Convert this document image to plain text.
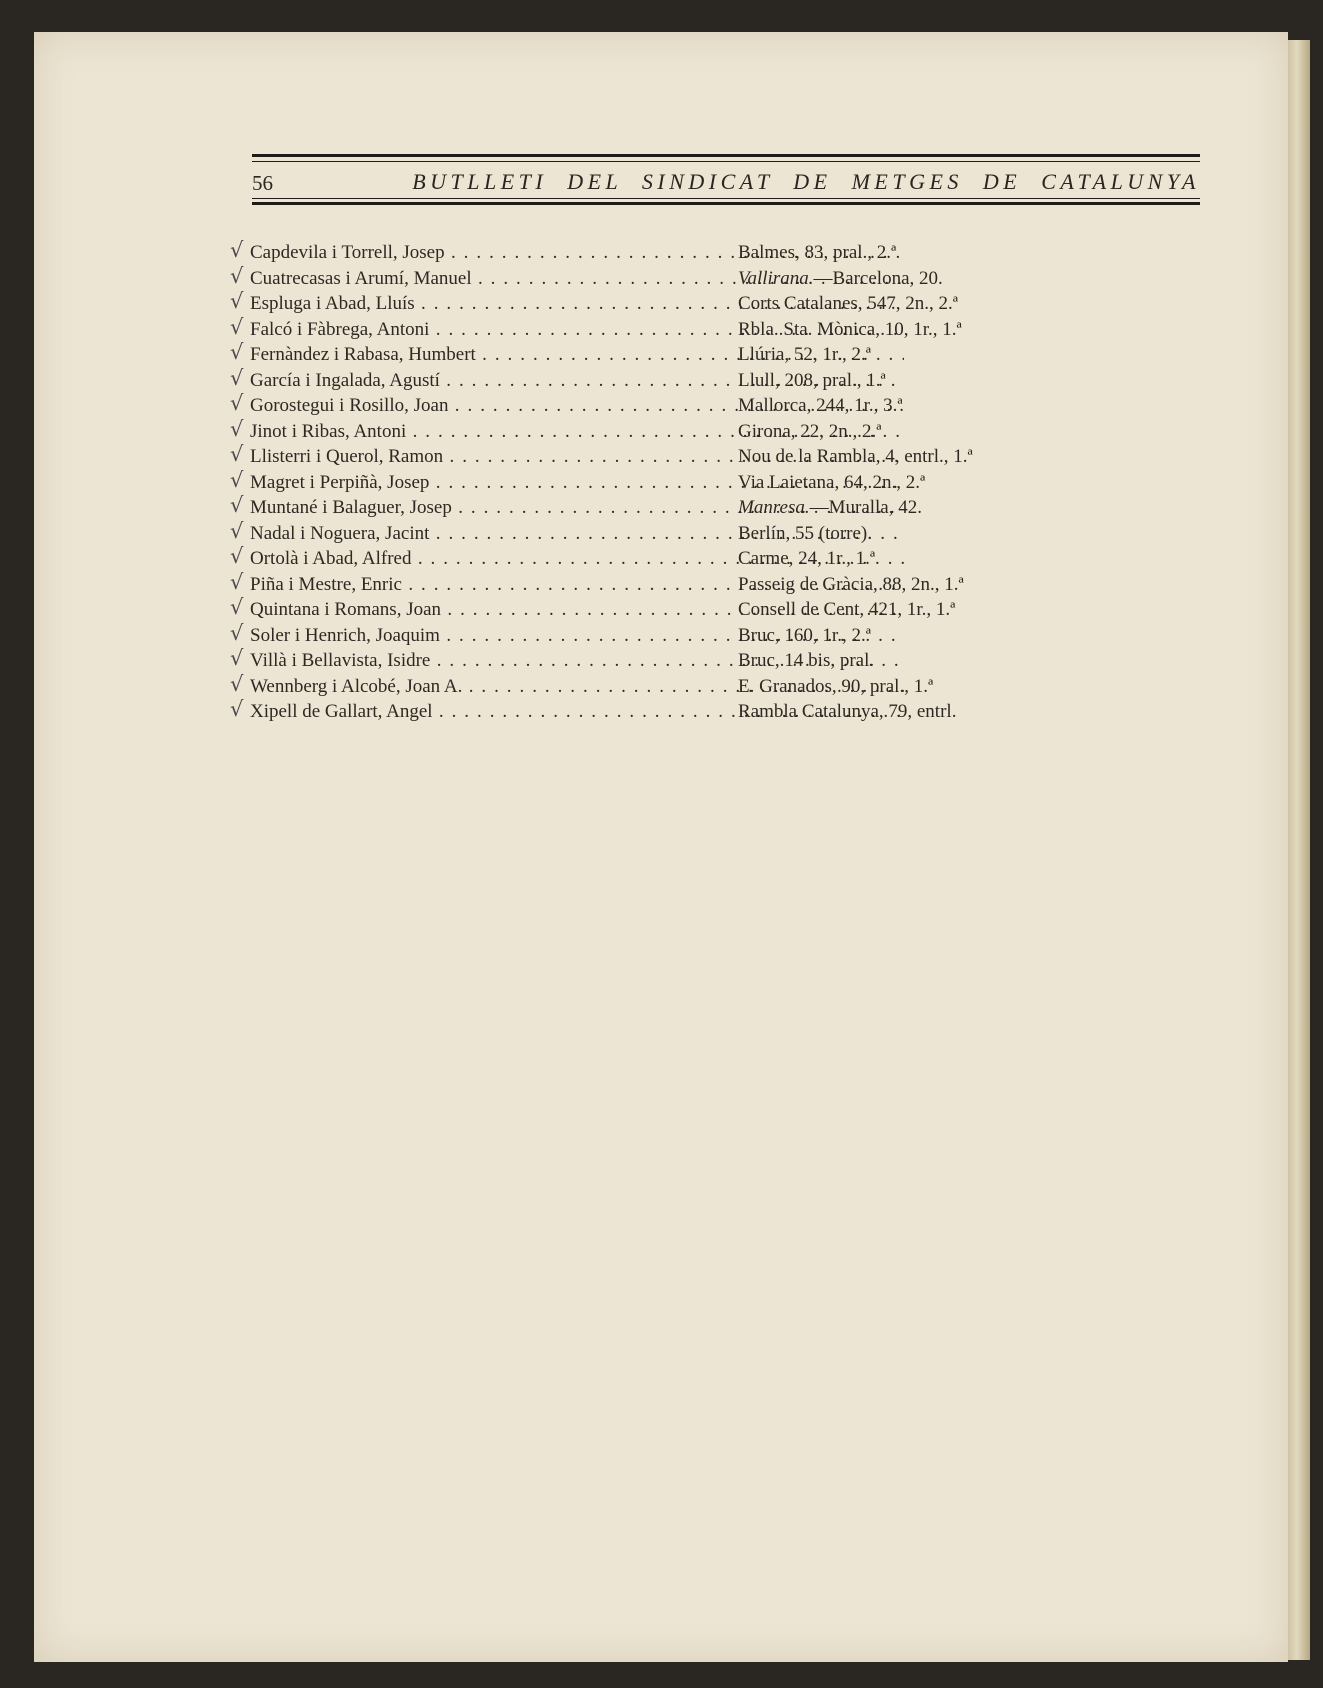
56	BUTLLETI DEL SINDICAT DE METGES DE CATALUNYA
√ Capdevila i Torrell, Josep . . .	Balmes, 83, pral., 2.ª
√ Cuatrecasas i Arumí, Manuel . . .	Vallirana.—Barcelona, 20.
√ Espluga i Abad, Lluís . . .	Corts Catalanes, 547, 2n., 2.ª
√ Falcó i Fàbrega, Antoni . . .	Rbla. Sta. Mònica, 10, 1r., 1.ª
√ Fernàndez i Rabasa, Humbert . . .	Llúria, 52, 1r., 2.ª
√ García i Ingalada, Agustí . . .	Llull, 208, pral., 1.ª
√ Gorostegui i Rosillo, Joan . . .	Mallorca, 244, 1r., 3.ª
√ Jinot i Ribas, Antoni . . .	Girona, 22, 2n., 2.ª
√ Llisterri i Querol, Ramon . . .	Nou de la Rambla, 4, entrl., 1.ª
√ Magret i Perpiñà, Josep . . .	Via Laietana, 64, 2n., 2.ª
√ Muntané i Balaguer, Josep . . .	Manresa.—Muralla, 42.
√ Nadal i Noguera, Jacint . . .	Berlín, 55 (torre).
√ Ortolà i Abad, Alfred . . .	Carme, 24, 1r., 1.ª
√ Piña i Mestre, Enric . . .	Passeig de Gràcia, 88, 2n., 1.ª
√ Quintana i Romans, Joan . . .	Consell de Cent, 421, 1r., 1.ª
√ Soler i Henrich, Joaquim . . .	Bruc, 160, 1r., 2.ª
√ Villà i Bellavista, Isidre . . .	Bruc, 14 bis, pral.
√ Wennberg i Alcobé, Joan A. . . .	E. Granados, 90, pral., 1.ª
√ Xipell de Gallart, Angel . . .	Rambla Catalunya, 79, entrl.
